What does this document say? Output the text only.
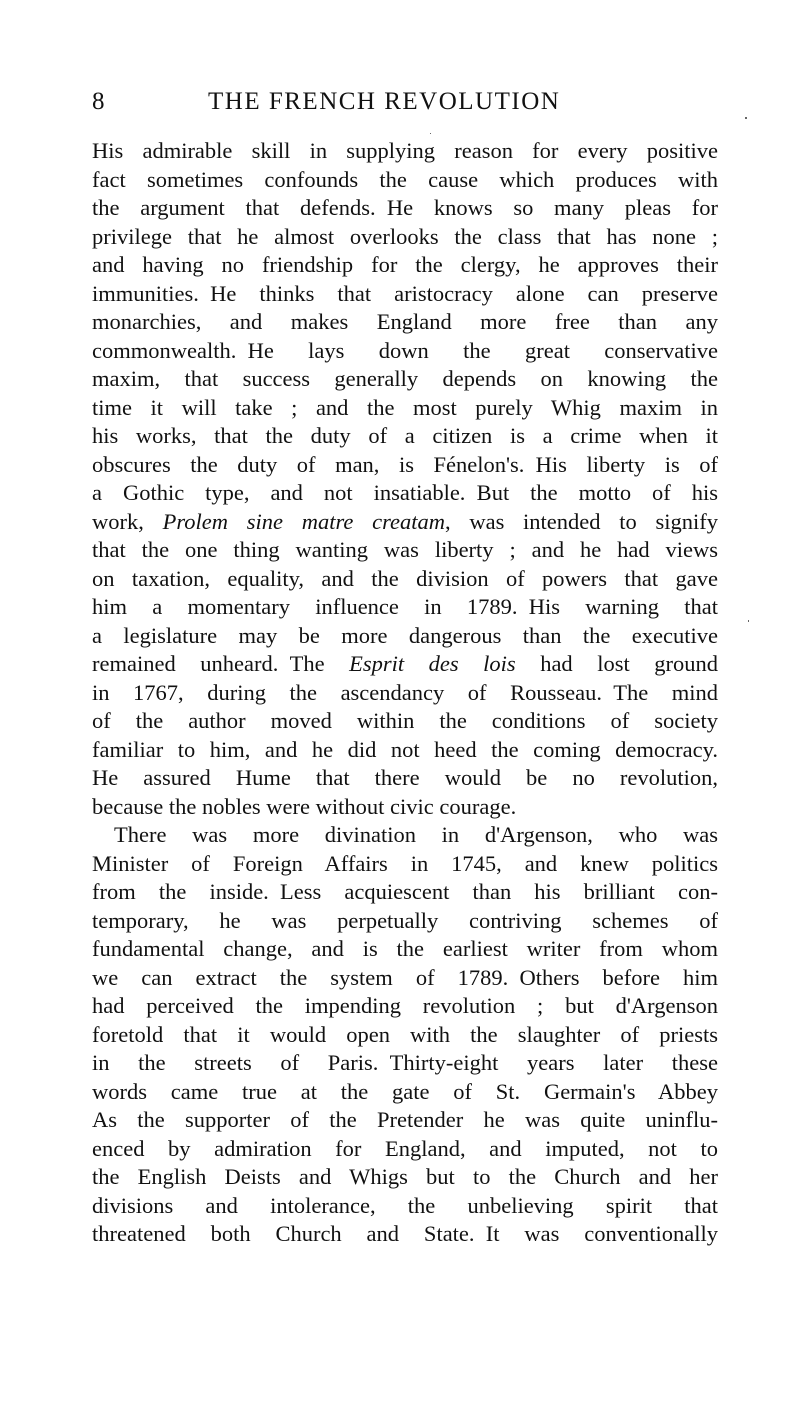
8	THE FRENCH REVOLUTION
His admirable skill in supplying reason for every positive
fact sometimes confounds the cause which produces with
the argument that defends. He knows so many pleas for
privilege that he almost overlooks the class that has none ;
and having no friendship for the clergy, he approves their
immunities. He thinks that aristocracy alone can preserve
monarchies, and makes England more free than any
commonwealth. He lays down the great conservative
maxim, that success generally depends on knowing the
time it will take ; and the most purely Whig maxim in
his works, that the duty of a citizen is a crime when it
obscures the duty of man, is Fénelon's. His liberty is of
a Gothic type, and not insatiable. But the motto of his
work, Prolem sine matre creatam, was intended to signify
that the one thing wanting was liberty ; and he had views
on taxation, equality, and the division of powers that gave
him a momentary influence in 1789. His warning that
a legislature may be more dangerous than the executive
remained unheard. The Esprit des lois had lost ground
in 1767, during the ascendancy of Rousseau. The mind
of the author moved within the conditions of society
familiar to him, and he did not heed the coming democracy.
He assured Hume that there would be no revolution,
because the nobles were without civic courage.
There was more divination in d'Argenson, who was
Minister of Foreign Affairs in 1745, and knew politics
from the inside. Less acquiescent than his brilliant con-
temporary, he was perpetually contriving schemes of
fundamental change, and is the earliest writer from whom
we can extract the system of 1789. Others before him
had perceived the impending revolution ; but d'Argenson
foretold that it would open with the slaughter of priests
in the streets of Paris. Thirty-eight years later these
words came true at the gate of St. Germain's Abbey
As the supporter of the Pretender he was quite uninflu-
enced by admiration for England, and imputed, not to
the English Deists and Whigs but to the Church and her
divisions and intolerance, the unbelieving spirit that
threatened both Church and State. It was conventionally
